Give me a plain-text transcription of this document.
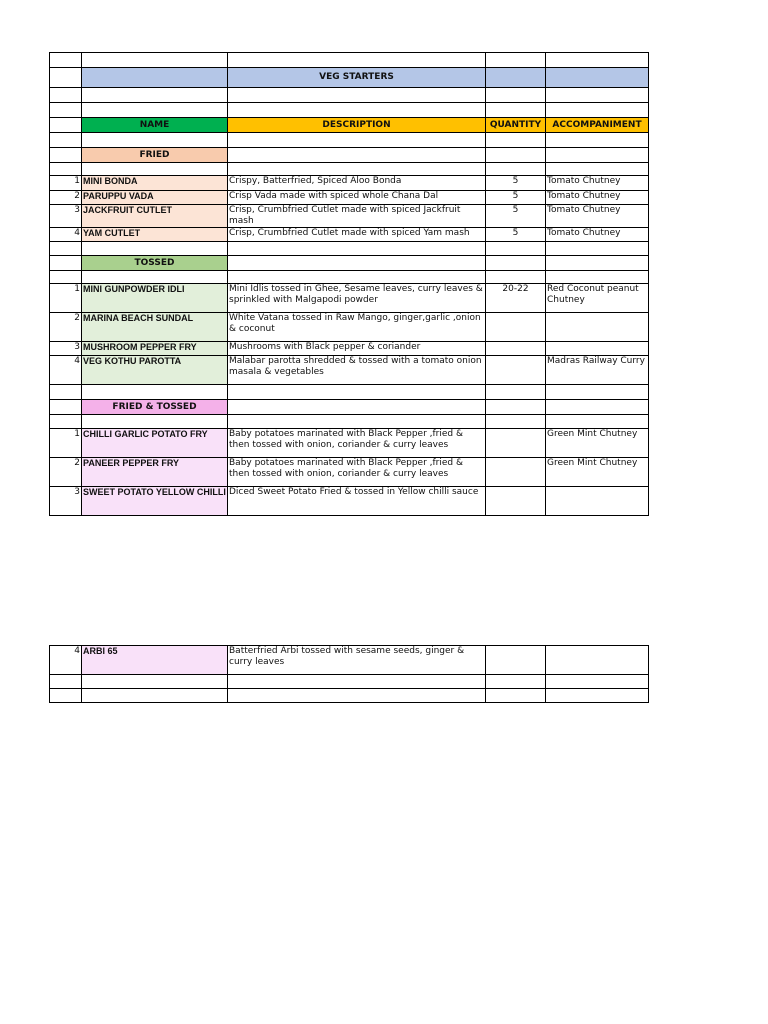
		VEG STARTERS		

	NAME	DESCRIPTION	QUANTITY	ACCOMPANIMENT

	FRIED			

1	MINI BONDA	Crispy, Batterfried, Spiced Aloo Bonda	5	Tomato Chutney
2	PARUPPU VADA	Crisp Vada made with spiced whole Chana Dal	5	Tomato Chutney
3	JACKFRUIT CUTLET	Crisp, Crumbfried Cutlet made with spiced Jackfruit mash	5	Tomato Chutney
4	YAM CUTLET	Crisp, Crumbfried Cutlet made with spiced Yam mash	5	Tomato Chutney

	TOSSED			

1	MINI GUNPOWDER IDLI	Mini Idlis tossed in Ghee, Sesame leaves, curry leaves & sprinkled with Malgapodi powder	20-22	Red Coconut peanut Chutney
2	MARINA BEACH SUNDAL	White Vatana tossed in Raw Mango, ginger,garlic ,onion & coconut		
3	MUSHROOM PEPPER FRY	Mushrooms with Black pepper & coriander		
4	VEG KOTHU PAROTTA	Malabar parotta shredded & tossed with a tomato onion masala & vegetables		Madras Railway Curry

	FRIED & TOSSED			

1	CHILLI GARLIC POTATO FRY	Baby potatoes marinated with Black Pepper ,fried & then tossed with onion, coriander & curry leaves		Green Mint Chutney
2	PANEER PEPPER FRY	Baby potatoes marinated with Black Pepper ,fried & then tossed with onion, coriander & curry leaves		Green Mint Chutney
3	SWEET POTATO YELLOW CHILLI	Diced Sweet Potato Fried & tossed in Yellow chilli sauce		
4	ARBI 65	Batterfried Arbi tossed with sesame seeds, ginger & curry leaves		
